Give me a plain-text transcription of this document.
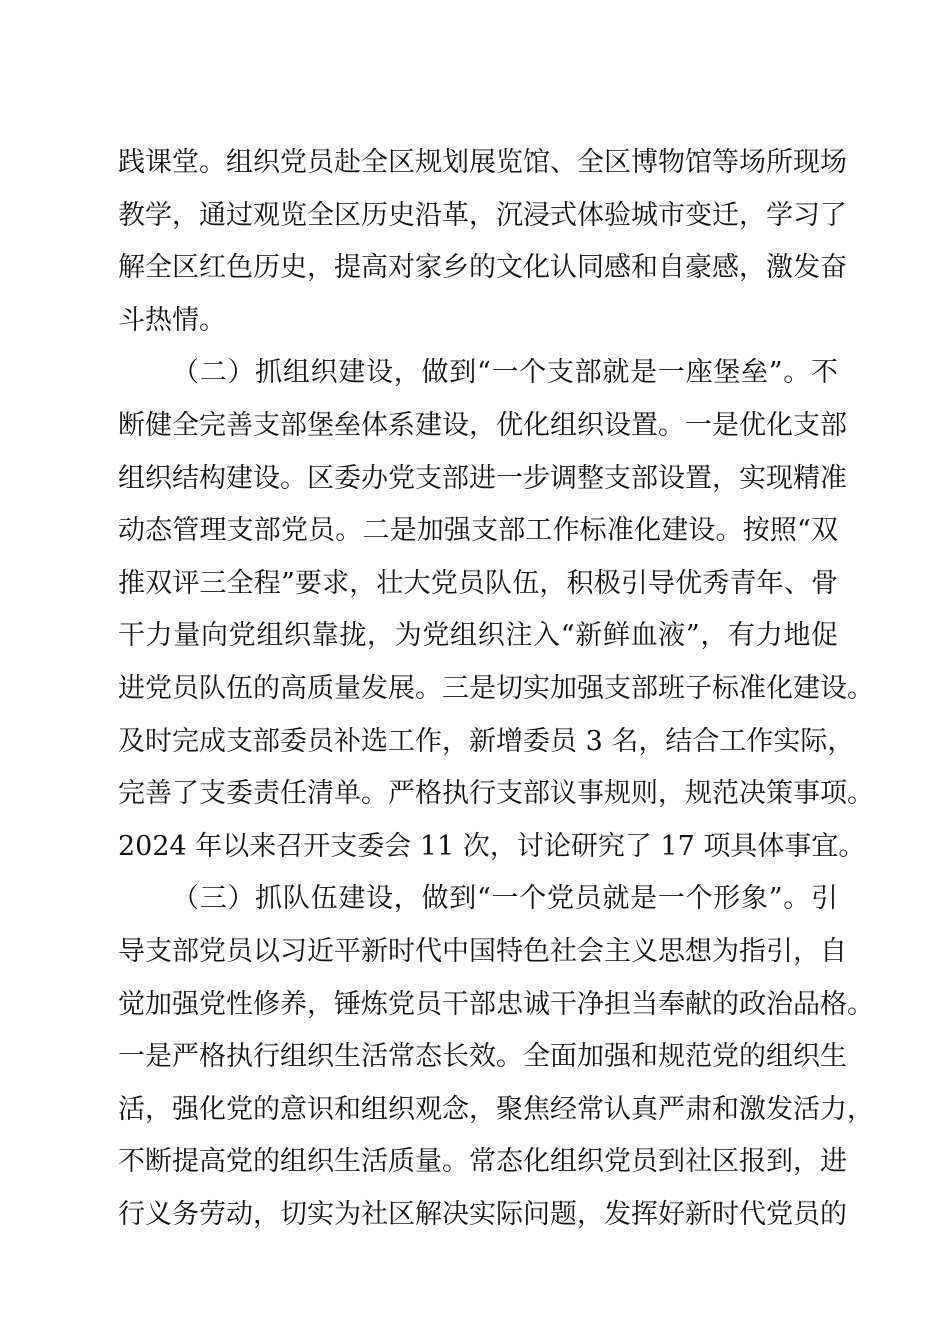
践课堂。组织党员赴全区规划展览馆、全区博物馆等场所现场
教学，通过观览全区历史沿革，沉浸式体验城市变迁，学习了
解全区红色历史，提高对家乡的文化认同感和自豪感，激发奋
斗热情。
（二）抓组织建设，做到“一个支部就是一座堡垒”。不
断健全完善支部堡垒体系建设，优化组织设置。一是优化支部
组织结构建设。区委办党支部进一步调整支部设置，实现精准
动态管理支部党员。二是加强支部工作标准化建设。按照“双
推双评三全程”要求，壮大党员队伍，积极引导优秀青年、骨
干力量向党组织靠拢，为党组织注入“新鲜血液”，有力地促
进党员队伍的高质量发展。三是切实加强支部班子标准化建设。
及时完成支部委员补选工作，新增委员 3 名，结合工作实际，
完善了支委责任清单。严格执行支部议事规则，规范决策事项。
2024 年以来召开支委会 11 次，讨论研究了 17 项具体事宜。
（三）抓队伍建设，做到“一个党员就是一个形象”。引
导支部党员以习近平新时代中国特色社会主义思想为指引，自
觉加强党性修养，锤炼党员干部忠诚干净担当奉献的政治品格。
一是严格执行组织生活常态长效。全面加强和规范党的组织生
活，强化党的意识和组织观念，聚焦经常认真严肃和激发活力，
不断提高党的组织生活质量。常态化组织党员到社区报到，进
行义务劳动，切实为社区解决实际问题，发挥好新时代党员的
